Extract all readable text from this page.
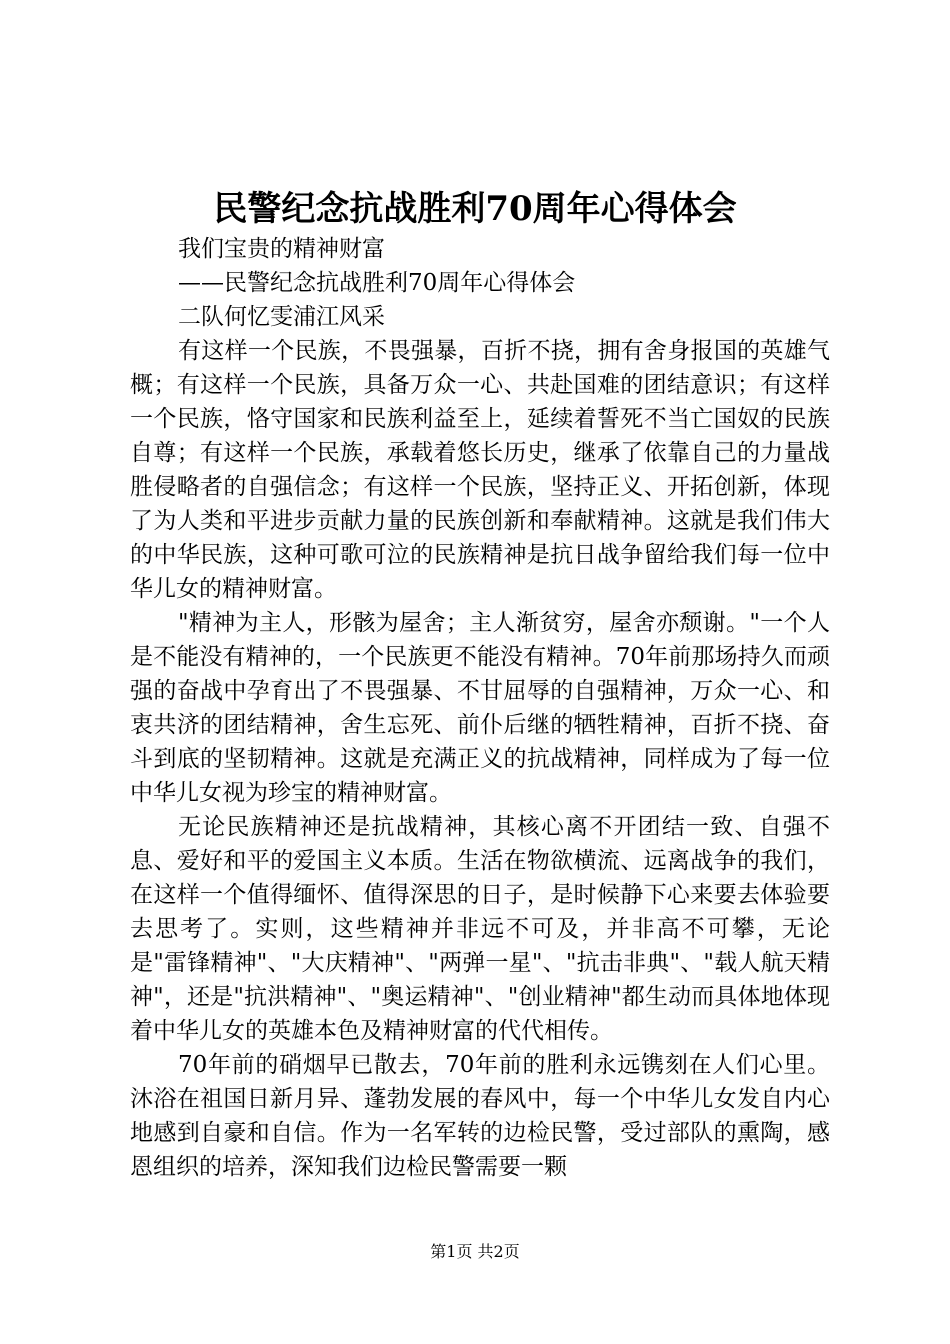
民警纪念抗战胜利70周年心得体会

我们宝贵的精神财富

——民警纪念抗战胜利70周年心得体会

二队何忆雯浦江风采

有这样一个民族，不畏强暴，百折不挠，拥有舍身报国的英雄气概；有这样一个民族，具备万众一心、共赴国难的团结意识；有这样一个民族，恪守国家和民族利益至上，延续着誓死不当亡国奴的民族自尊；有这样一个民族，承载着悠长历史，继承了依靠自己的力量战胜侵略者的自强信念；有这样一个民族，坚持正义、开拓创新，体现了为人类和平进步贡献力量的民族创新和奉献精神。这就是我们伟大的中华民族，这种可歌可泣的民族精神是抗日战争留给我们每一位中华儿女的精神财富。

"精神为主人，形骸为屋舍；主人渐贫穷，屋舍亦颓谢。"一个人是不能没有精神的，一个民族更不能没有精神。70年前那场持久而顽强的奋战中孕育出了不畏强暴、不甘屈辱的自强精神，万众一心、和衷共济的团结精神，舍生忘死、前仆后继的牺牲精神，百折不挠、奋斗到底的坚韧精神。这就是充满正义的抗战精神，同样成为了每一位中华儿女视为珍宝的精神财富。

无论民族精神还是抗战精神，其核心离不开团结一致、自强不息、爱好和平的爱国主义本质。生活在物欲横流、远离战争的我们，在这样一个值得缅怀、值得深思的日子，是时候静下心来要去体验要去思考了。实则，这些精神并非远不可及，并非高不可攀，无论是"雷锋精神"、"大庆精神"、"两弹一星"、"抗击非典"、"载人航天精神"，还是"抗洪精神"、"奥运精神"、"创业精神"都生动而具体地体现着中华儿女的英雄本色及精神财富的代代相传。

70年前的硝烟早已散去，70年前的胜利永远镌刻在人们心里。沐浴在祖国日新月异、蓬勃发展的春风中，每一个中华儿女发自内心地感到自豪和自信。作为一名军转的边检民警，受过部队的熏陶，感恩组织的培养，深知我们边检民警需要一颗

第1页 共2页
